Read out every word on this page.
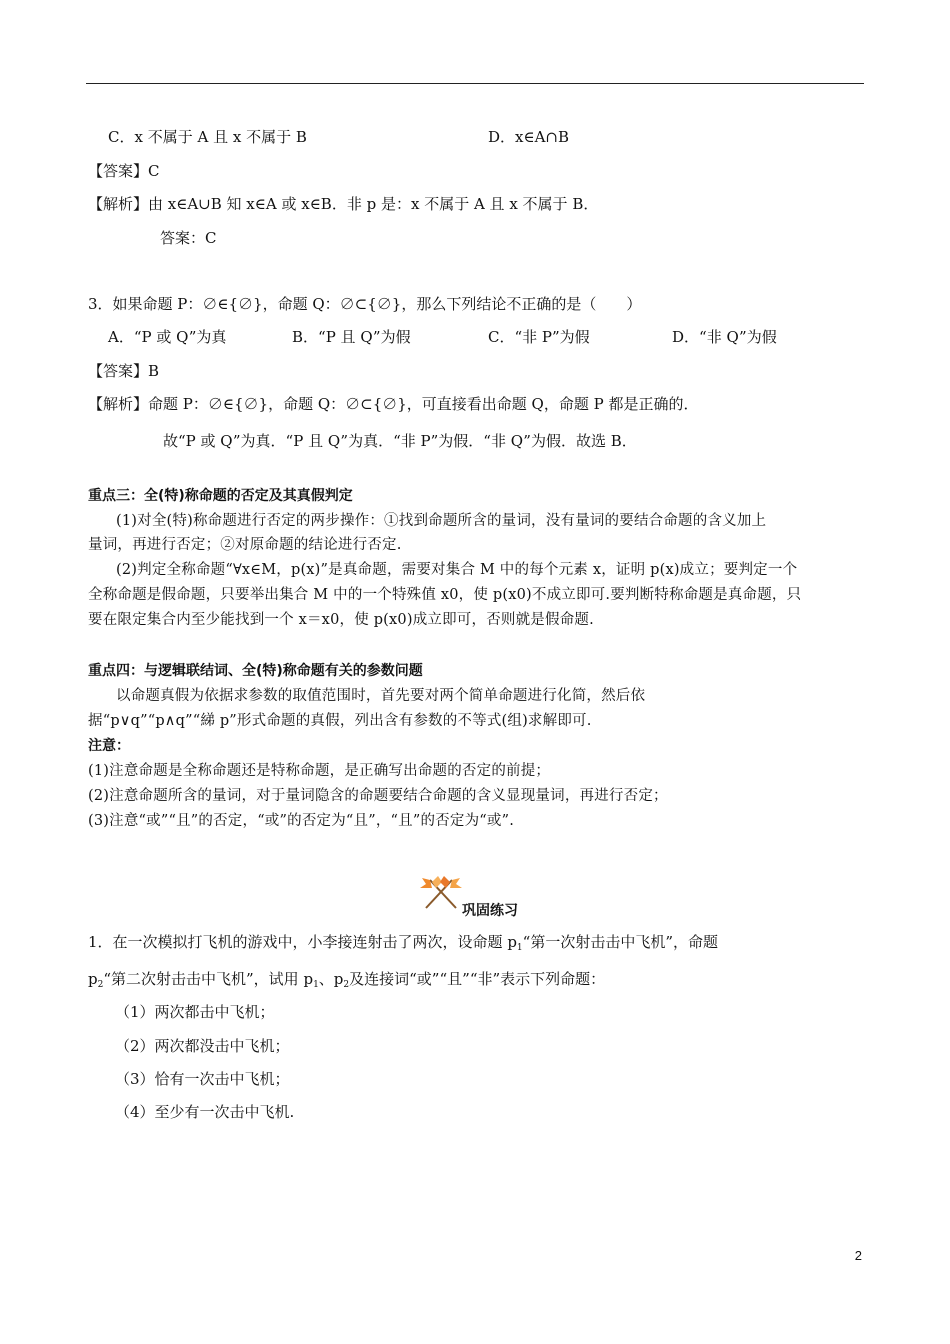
C．x 不属于 A 且 x 不属于 B	D．x∈A∩B
【答案】C
【解析】由 x∈A∪B 知 x∈A 或 x∈B．非 p 是：x 不属于 A 且 x 不属于 B．
答案：C
3．如果命题 P：∅∈{∅}，命题 Q：∅⊂{∅}，那么下列结论不正确的是（　　）
A．“P 或 Q”为真	B．“P 且 Q”为假	C．“非 P”为假	D．“非 Q”为假
【答案】B
【解析】命题 P：∅∈{∅}，命题 Q：∅⊂{∅}，可直接看出命题 Q，命题 P 都是正确的．
故“P 或 Q”为真．“P 且 Q”为真．“非 P”为假．“非 Q”为假．故选 B．
重点三：全(特)称命题的否定及其真假判定
(1)对全(特)称命题进行否定的两步操作：①找到命题所含的量词，没有量词的要结合命题的含义加上
量词，再进行否定；②对原命题的结论进行否定.
(2)判定全称命题“∀x∈M，p(x)”是真命题，需要对集合 M 中的每个元素 x，证明 p(x)成立；要判定一个
全称命题是假命题，只要举出集合 M 中的一个特殊值 x0，使 p(x0)不成立即可.要判断特称命题是真命题，只
要在限定集合内至少能找到一个 x＝x0，使 p(x0)成立即可，否则就是假命题.
重点四：与逻辑联结词、全(特)称命题有关的参数问题
以命题真假为依据求参数的取值范围时，首先要对两个简单命题进行化简，然后依
据“p∨q”“p∧q”“綈 p”形式命题的真假，列出含有参数的不等式(组)求解即可.
注意：
(1)注意命题是全称命题还是特称命题，是正确写出命题的否定的前提；
(2)注意命题所含的量词，对于量词隐含的命题要结合命题的含义显现量词，再进行否定；
(3)注意“或”“且”的否定，“或”的否定为“且”，“且”的否定为“或”.
巩固练习
1．在一次模拟打飞机的游戏中，小李接连射击了两次，设命题 $p_1“$第一次射击击中飞机”，命题
$p_2“$第二次射击击中飞机”，试用 $p_1$、$p_2$及连接词“或”“且”“非”表示下列命题：
（1）两次都击中飞机；
（2）两次都没击中飞机；
（3）恰有一次击中飞机；
（4）至少有一次击中飞机.
2
